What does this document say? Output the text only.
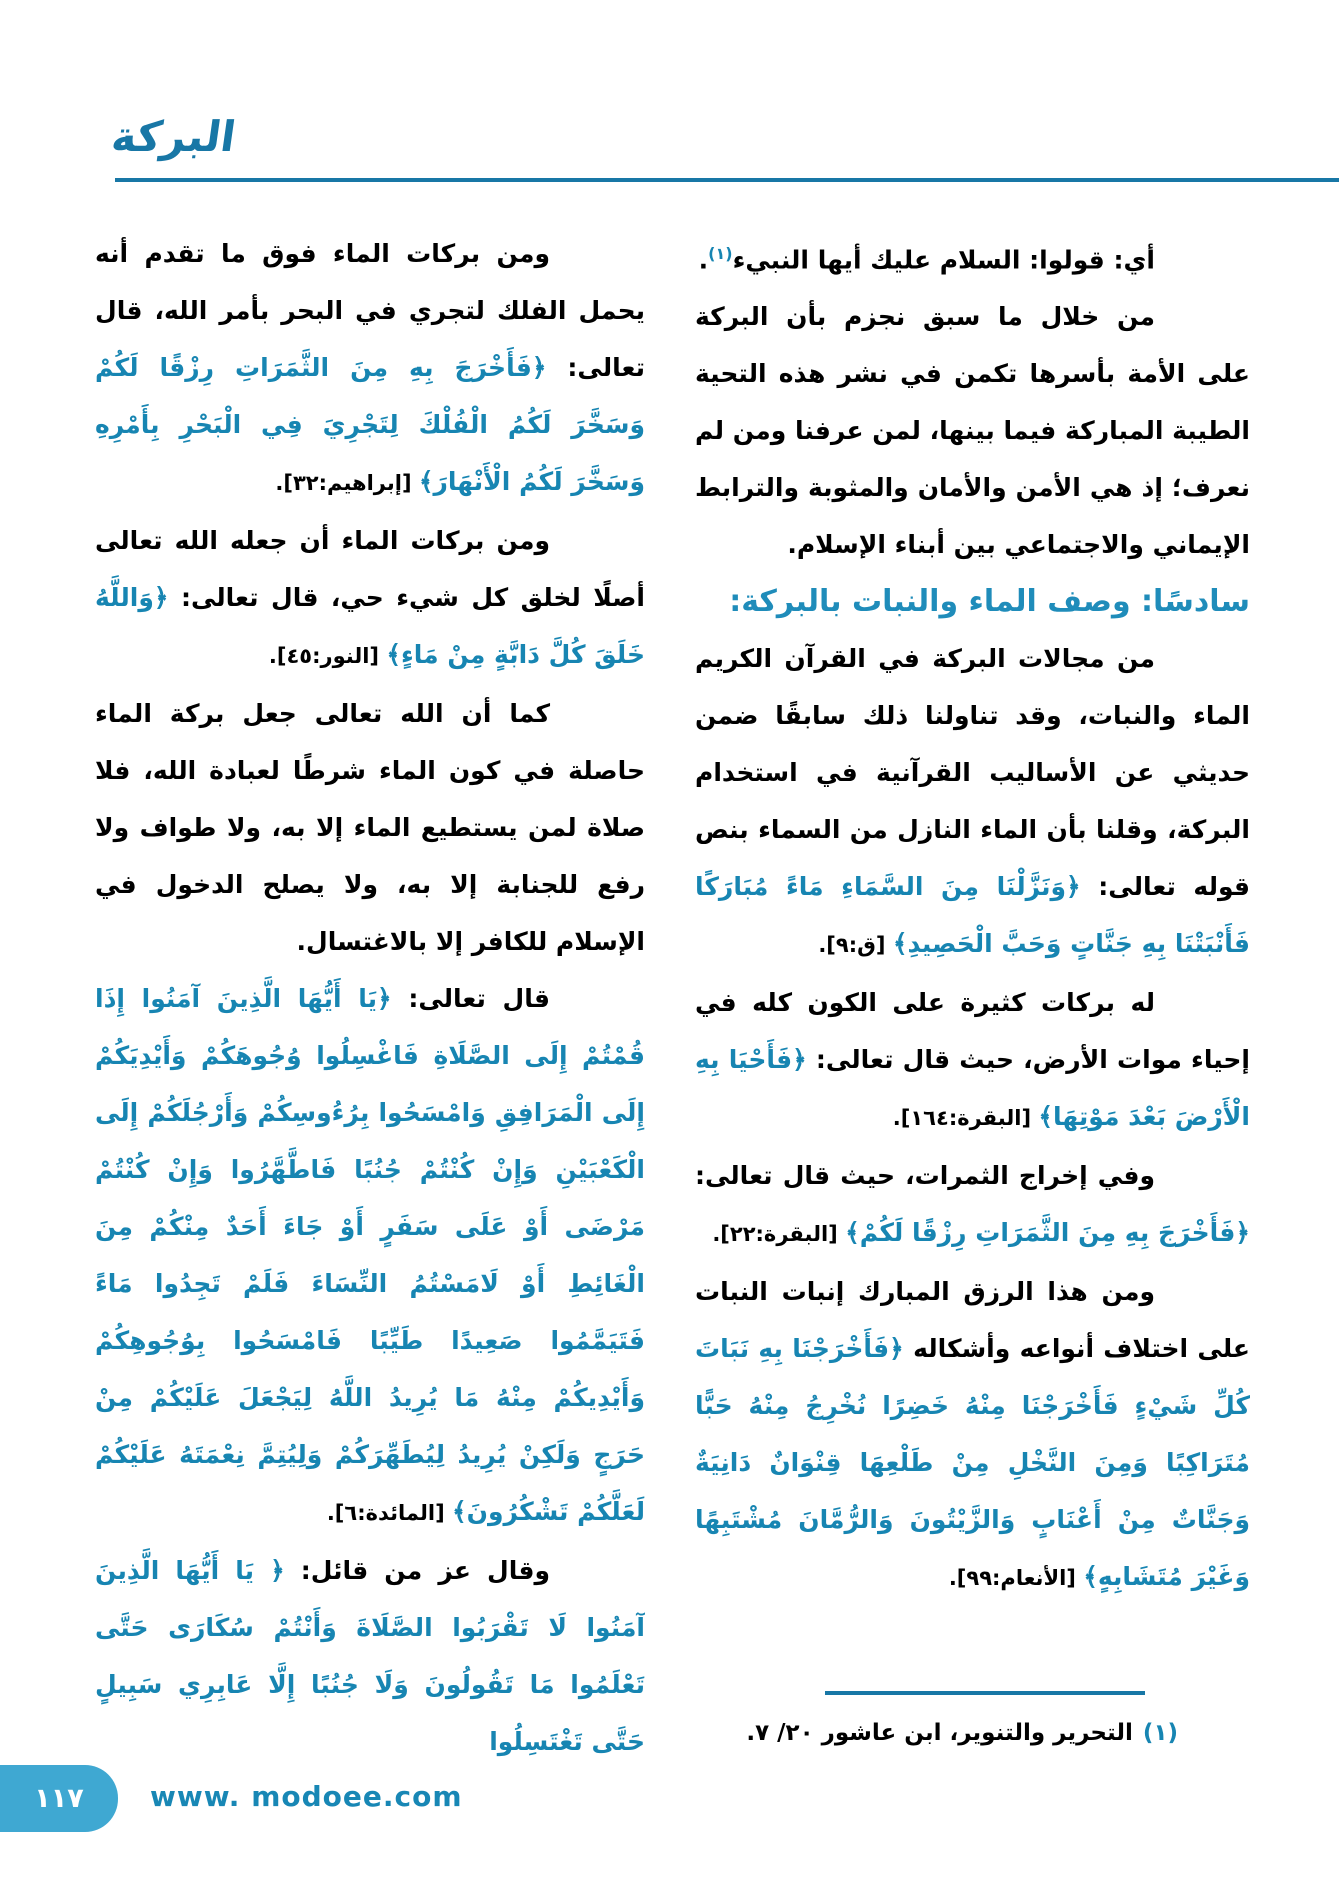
البركة

أي: قولوا: السلام عليك أيها النبيء$^{(١)}$.

من خلال ما سبق نجزم بأن البركة على الأمة بأسرها تكمن في نشر هذه التحية الطيبة المباركة فيما بينها، لمن عرفنا ومن لم نعرف؛ إذ هي الأمن والأمان والمثوبة والترابط الإيماني والاجتماعي بين أبناء الإسلام.

سادسًا: وصف الماء والنبات بالبركة:

من مجالات البركة في القرآن الكريم الماء والنبات، وقد تناولنا ذلك سابقًا ضمن حديثي عن الأساليب القرآنية في استخدام البركة، وقلنا بأن الماء النازل من السماء بنص قوله تعالى: ﴿وَنَزَّلْنَا مِنَ السَّمَاءِ مَاءً مُبَارَكًا فَأَنْبَتْنَا بِهِ جَنَّاتٍ وَحَبَّ الْحَصِيدِ﴾ [ق:٩].

له بركات كثيرة على الكون كله في إحياء موات الأرض، حيث قال تعالى: ﴿فَأَحْيَا بِهِ الْأَرْضَ بَعْدَ مَوْتِهَا﴾ [البقرة:١٦٤].

وفي إخراج الثمرات، حيث قال تعالى: ﴿فَأَخْرَجَ بِهِ مِنَ الثَّمَرَاتِ رِزْقًا لَكُمْ﴾ [البقرة:٢٢].

ومن هذا الرزق المبارك إنبات النبات على اختلاف أنواعه وأشكاله ﴿فَأَخْرَجْنَا بِهِ نَبَاتَ كُلِّ شَيْءٍ فَأَخْرَجْنَا مِنْهُ خَضِرًا نُخْرِجُ مِنْهُ حَبًّا مُتَرَاكِبًا وَمِنَ النَّخْلِ مِنْ طَلْعِهَا قِنْوَانٌ دَانِيَةٌ وَجَنَّاتٌ مِنْ أَعْنَابٍ وَالزَّيْتُونَ وَالرُّمَّانَ مُشْتَبِهًا وَغَيْرَ مُتَشَابِهٍ﴾ [الأنعام:٩٩].

ومن بركات الماء فوق ما تقدم أنه يحمل الفلك لتجري في البحر بأمر الله، قال تعالى: ﴿فَأَخْرَجَ بِهِ مِنَ الثَّمَرَاتِ رِزْقًا لَكُمْ وَسَخَّرَ لَكُمُ الْفُلْكَ لِتَجْرِيَ فِي الْبَحْرِ بِأَمْرِهِ وَسَخَّرَ لَكُمُ الْأَنْهَارَ﴾ [إبراهيم:٣٢].

ومن بركات الماء أن جعله الله تعالى أصلًا لخلق كل شيء حي، قال تعالى: ﴿وَاللَّهُ خَلَقَ كُلَّ دَابَّةٍ مِنْ مَاءٍ﴾ [النور:٤٥].

كما أن الله تعالى جعل بركة الماء حاصلة في كون الماء شرطًا لعبادة الله، فلا صلاة لمن يستطيع الماء إلا به، ولا طواف ولا رفع للجنابة إلا به، ولا يصلح الدخول في الإسلام للكافر إلا بالاغتسال.

قال تعالى: ﴿يَا أَيُّهَا الَّذِينَ آمَنُوا إِذَا قُمْتُمْ إِلَى الصَّلَاةِ فَاغْسِلُوا وُجُوهَكُمْ وَأَيْدِيَكُمْ إِلَى الْمَرَافِقِ وَامْسَحُوا بِرُءُوسِكُمْ وَأَرْجُلَكُمْ إِلَى الْكَعْبَيْنِ وَإِنْ كُنْتُمْ جُنُبًا فَاطَّهَّرُوا وَإِنْ كُنْتُمْ مَرْضَى أَوْ عَلَى سَفَرٍ أَوْ جَاءَ أَحَدٌ مِنْكُمْ مِنَ الْغَائِطِ أَوْ لَامَسْتُمُ النِّسَاءَ فَلَمْ تَجِدُوا مَاءً فَتَيَمَّمُوا صَعِيدًا طَيِّبًا فَامْسَحُوا بِوُجُوهِكُمْ وَأَيْدِيكُمْ مِنْهُ مَا يُرِيدُ اللَّهُ لِيَجْعَلَ عَلَيْكُمْ مِنْ حَرَجٍ وَلَكِنْ يُرِيدُ لِيُطَهِّرَكُمْ وَلِيُتِمَّ نِعْمَتَهُ عَلَيْكُمْ لَعَلَّكُمْ تَشْكُرُونَ﴾ [المائدة:٦].

وقال عز من قائل: ﴿ يَا أَيُّهَا الَّذِينَ آمَنُوا لَا تَقْرَبُوا الصَّلَاةَ وَأَنْتُمْ سُكَارَى حَتَّى تَعْلَمُوا مَا تَقُولُونَ وَلَا جُنُبًا إِلَّا عَابِرِي سَبِيلٍ حَتَّى تَغْتَسِلُوا	(١)التحرير والتنوير، ابن عاشور ٢٠/ ٧.
١١٧ www. modoee.com
